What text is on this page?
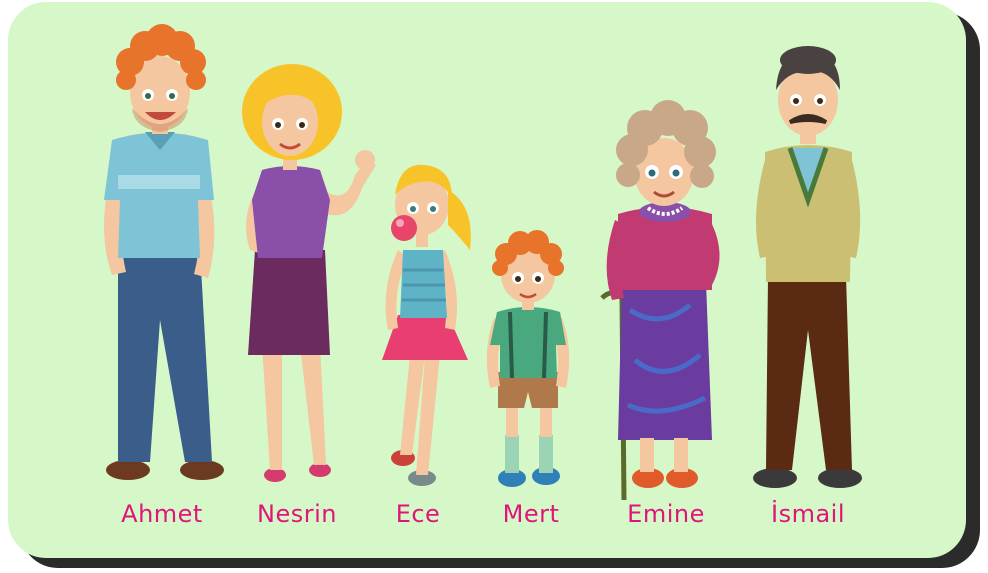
Ahmet Nesrin Ece	Mert	Emine	İsmail
